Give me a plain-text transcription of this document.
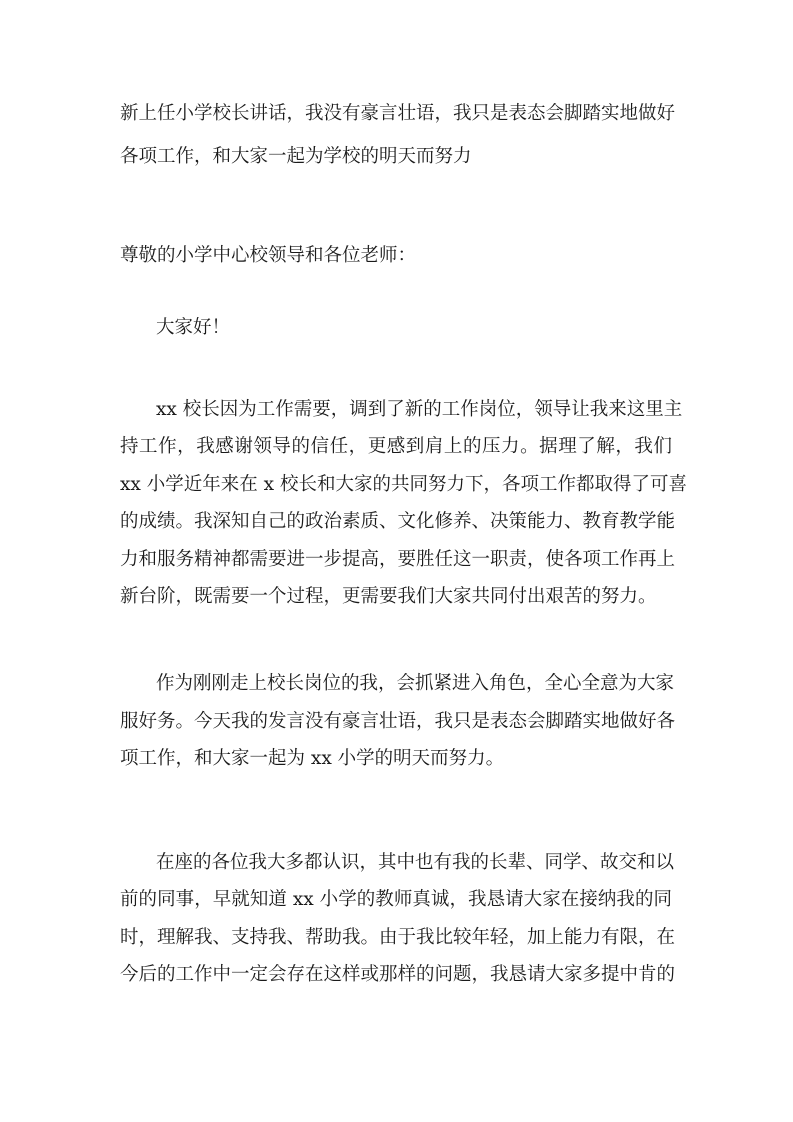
新上任小学校长讲话，我没有豪言壮语，我只是表态会脚踏实地做好
各项工作，和大家一起为学校的明天而努力
尊敬的小学中心校领导和各位老师：
大家好！
xx 校长因为工作需要，调到了新的工作岗位，领导让我来这里主
持工作，我感谢领导的信任，更感到肩上的压力。据理了解，我们
xx 小学近年来在 x 校长和大家的共同努力下，各项工作都取得了可喜
的成绩。我深知自己的政治素质、文化修养、决策能力、教育教学能
力和服务精神都需要进一步提高，要胜任这一职责，使各项工作再上
新台阶，既需要一个过程，更需要我们大家共同付出艰苦的努力。
作为刚刚走上校长岗位的我，会抓紧进入角色，全心全意为大家
服好务。今天我的发言没有豪言壮语，我只是表态会脚踏实地做好各
项工作，和大家一起为 xx 小学的明天而努力。
在座的各位我大多都认识，其中也有我的长辈、同学、故交和以
前的同事，早就知道 xx 小学的教师真诚，我恳请大家在接纳我的同
时，理解我、支持我、帮助我。由于我比较年轻，加上能力有限，在
今后的工作中一定会存在这样或那样的问题，我恳请大家多提中肯的
